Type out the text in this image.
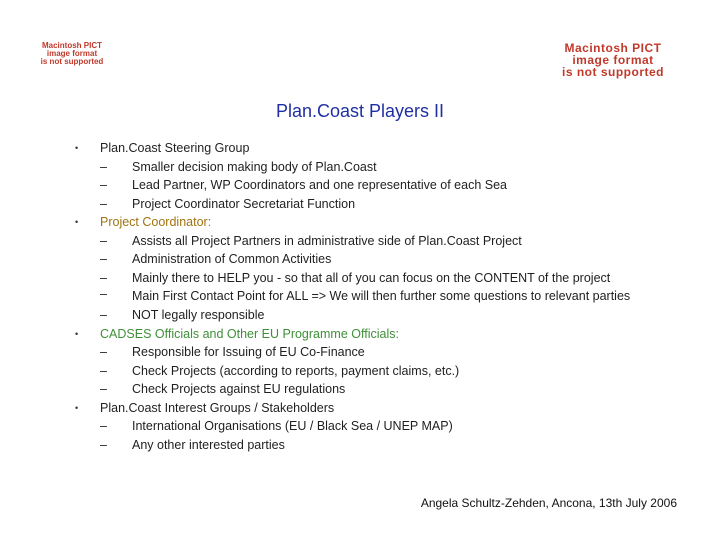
Macintosh PICT
image format
is not supported
Macintosh PICT
image format
is not supported
Plan.Coast Players II
• Plan.Coast Steering Group
– Smaller decision making body of Plan.Coast
– Lead Partner, WP Coordinators and one representative of each Sea
– Project Coordinator Secretariat Function
• Project Coordinator:
– Assists all Project Partners in administrative side of Plan.Coast Project
– Administration of Common Activities
– Mainly there to HELP you - so that all of you can focus on the CONTENT of the project
– Main First Contact Point for ALL => We will then further some questions to relevant parties
– NOT legally responsible
• CADSES Officials and Other EU Programme Officials:
– Responsible for Issuing of EU Co-Finance
– Check Projects (according to reports, payment claims, etc.)
– Check Projects against EU regulations
• Plan.Coast Interest Groups / Stakeholders
– International Organisations (EU / Black Sea / UNEP MAP)
– Any other interested parties
Angela Schultz-Zehden, Ancona, 13th July 2006
